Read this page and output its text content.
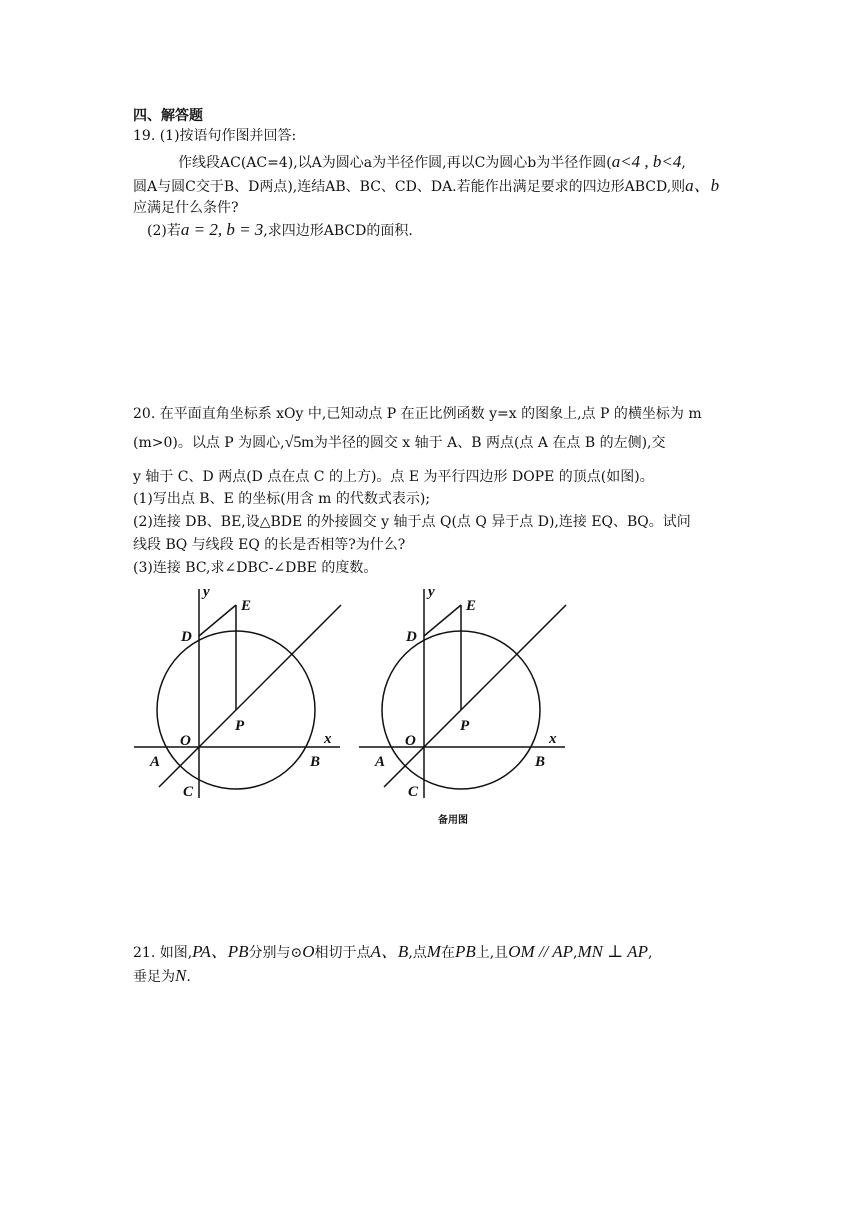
四、解答题
19. (1)按语句作图并回答:
作线段AC(AC=4),以A为圆心a为半径作圆,再以C为圆心b为半径作圆(a<4 , b<4,
圆A与圆C交于B、D两点),连结AB、BC、CD、DA.若能作出满足要求的四边形ABCD,则a、b
应满足什么条件?
(2)若a = 2, b = 3,求四边形ABCD的面积.
20. 在平面直角坐标系 xOy 中,已知动点 P 在正比例函数 y=x 的图象上,点 P 的横坐标为 m
(m>0)。以点 P 为圆心,√5m为半径的圆交 x 轴于 A、B 两点(点 A 在点 B 的左侧),交
y 轴于 C、D 两点(D 点在点 C 的上方)。点 E 为平行四边形 DOPE 的顶点(如图)。
(1)写出点 B、E 的坐标(用含 m 的代数式表示);
(2)连接 DB、BE,设△BDE 的外接圆交 y 轴于点 Q(点 Q 异于点 D),连接 EQ、BQ。试问
线段 BQ 与线段 EQ 的长是否相等?为什么?
(3)连接 BC,求∠DBC-∠DBE 的度数。
y
x
E
D
P
O
A	B
C
y
x
E
D
P
O
A	B
C
备用图
21. 如图,PA、PB分别与⊙O相切于点A、B,点M在PB上,且OM // AP,MN ⊥ AP,
垂足为N.
